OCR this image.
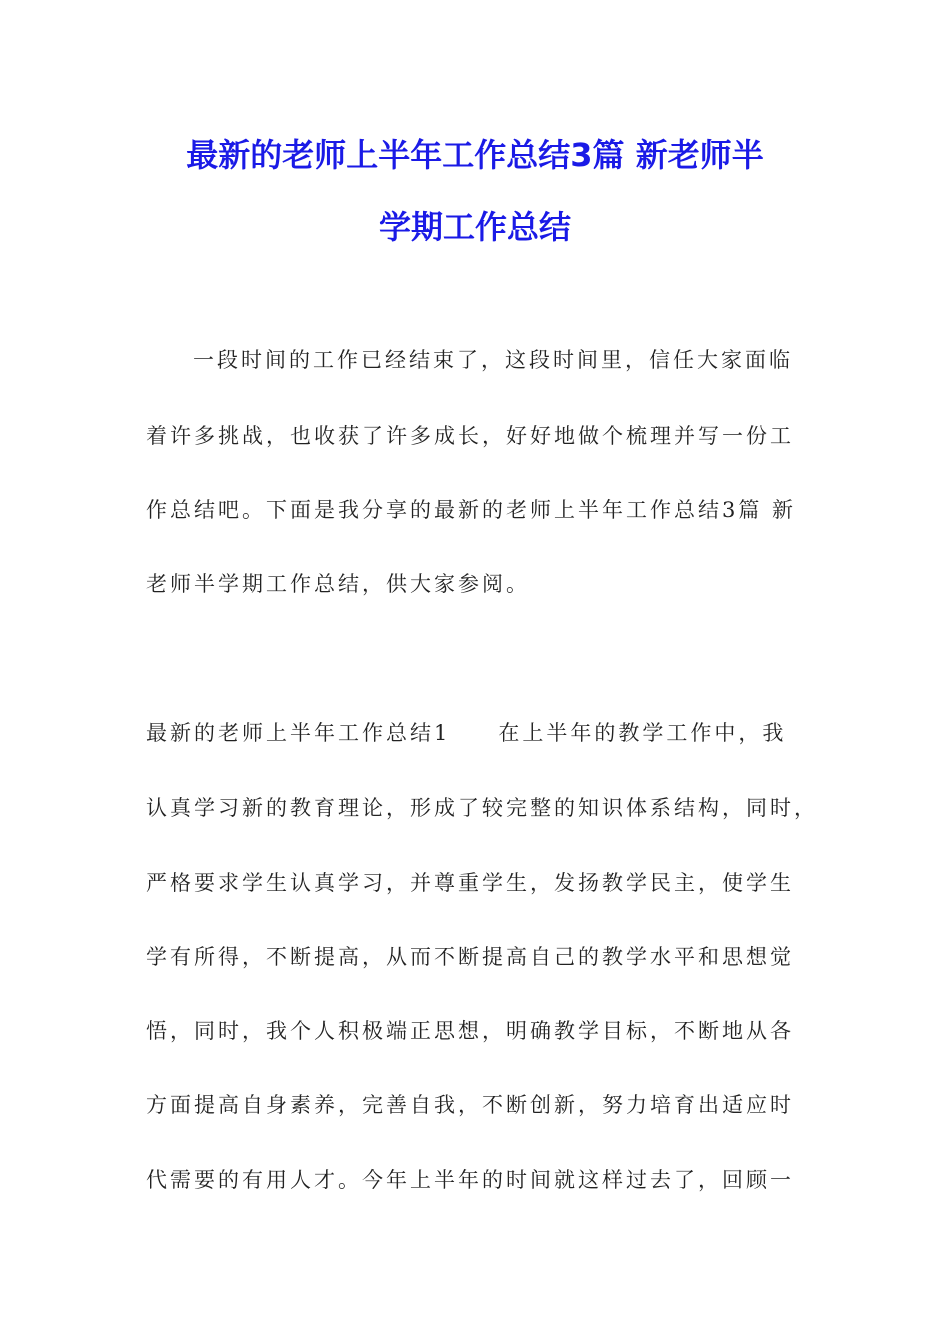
最新的老师上半年工作总结3篇 新老师半
学期工作总结
一段时间的工作已经结束了，这段时间里，信任大家面临
着许多挑战，也收获了许多成长，好好地做个梳理并写一份工
作总结吧。下面是我分享的最新的老师上半年工作总结3篇 新
老师半学期工作总结，供大家参阅。
最新的老师上半年工作总结1　　在上半年的教学工作中，我
认真学习新的教育理论，形成了较完整的知识体系结构，同时，
严格要求学生认真学习，并尊重学生，发扬教学民主，使学生
学有所得，不断提高，从而不断提高自己的教学水平和思想觉
悟，同时，我个人积极端正思想，明确教学目标，不断地从各
方面提高自身素养，完善自我，不断创新，努力培育出适应时
代需要的有用人才。今年上半年的时间就这样过去了，回顾一
